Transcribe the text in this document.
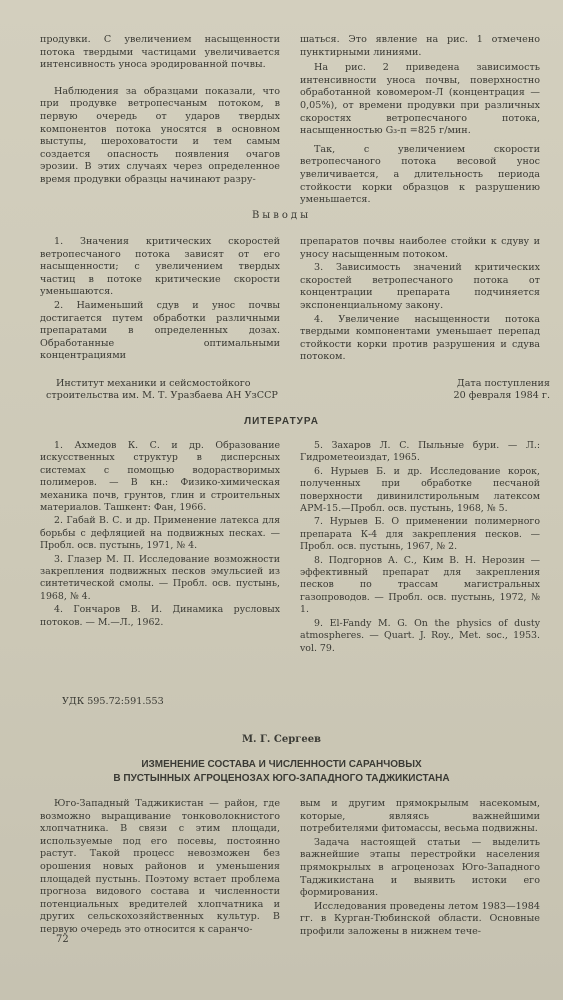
продувки. С увеличением насыщенности потока твердыми частицами увеличивается интенсивность уноса эродированной почвы.

Наблюдения за образцами показали, что при продувке ветропесчаным потоком, в первую очередь от ударов твердых компонентов потока уносятся в основном выступы, шероховатости и тем самым создается опасность появления очагов эрозии. В этих случаях через определенное время продувки образцы начинают разру-

шаться. Это явление на рис. 1 отмечено пунктирными линиями.

На рис. 2 приведена зависимость интенсивности уноса почвы, поверхностно обработанной ковомером-Л (концентрация — 0,05%), от времени продувки при различных скоростях ветропесчаного потока, насыщенностью G₃-п =825 г/мин.

Так, с увеличением скорости ветропесчаного потока весовой унос увеличивается, а длительность периода стойкости корки образцов к разрушению уменьшается.

Выводы

1. Значения критических скоростей ветропесчаного потока зависят от его насыщенности; с увеличением твердых частиц в потоке критические скорости уменьшаются.

2. Наименьший сдув и унос почвы достигается путем обработки различными препаратами в определенных дозах. Обработанные оптимальными концентрациями

препаратов почвы наиболее стойки к сдуву и уносу насыщенным потоком.

3. Зависимость значений критических скоростей ветропесчаного потока от концентрации препарата подчиняется экспоненциальному закону.

4. Увеличение насыщенности потока твердыми компонентами уменьшает перепад стойкости корки против разрушения и сдува потоком.

Институт механики и сейсмостойкого
строительства им. М. Т. Уразбаева АН УзССР
Дата поступления
20 февраля 1984 г.
ЛИТЕРАТУРА

1. Ахмедов К. С. и др. Образование искусственных структур в дисперсных системах с помощью водорастворимых полимеров. — В кн.: Физико-химическая механика почв, грунтов, глин и строительных материалов. Ташкент: Фан, 1966.

2. Габай В. С. и др. Применение латекса для борьбы с дефляцией на подвижных песках. — Пробл. осв. пустынь, 1971, № 4.

3. Глазер М. П. Исследование возможности закрепления подвижных песков эмульсией из синтетической смолы. — Пробл. осв. пустынь, 1968, № 4.

4. Гончаров В. И. Динамика русловых потоков. — М.—Л., 1962.

5. Захаров Л. С. Пыльные бури. — Л.: Гидрометеоиздат, 1965.

6. Нурыев Б. и др. Исследование корок, полученных при обработке песчаной поверхности дивинилстирольным латексом АРМ-15.—Пробл. осв. пустынь, 1968, № 5.

7. Нурыев Б. О применении полимерного препарата К-4 для закрепления песков. — Пробл. осв. пустынь, 1967, № 2.

8. Подгорнов А. С., Ким В. Н. Нерозин — эффективный препарат для закрепления песков по трассам магистральных газопроводов. — Пробл. осв. пустынь, 1972, № 1.

9. El-Fandy M. G. On the physics of dusty atmospheres. — Quart. J. Roy., Met. soc., 1953. vol. 79.

УДК 595.72:591.553
М. Г. Сергеев
ИЗМЕНЕНИЕ СОСТАВА И ЧИСЛЕННОСТИ САРАНЧОВЫХ
В ПУСТЫННЫХ АГРОЦЕНОЗАХ ЮГО-ЗАПАДНОГО ТАДЖИКИСТАНА

Юго-Западный Таджикистан — район, где возможно выращивание тонковолокнистого хлопчатника. В связи с этим площади, используемые под его посевы, постоянно растут. Такой процесс невозможен без орошения новых районов и уменьшения площадей пустынь. Поэтому встает проблема прогноза видового состава и численности потенциальных вредителей хлопчатника и других сельскохозяйственных культур. В первую очередь это относится к саранчо-

вым и другим прямокрылым насекомым, которые, являясь важнейшими потребителями фитомассы, весьма подвижны.

Задача настоящей статьи — выделить важнейшие этапы перестройки населения прямокрылых в агроценозах Юго-Западного Таджикистана и выявить истоки его формирования.

Исследования проведены летом 1983—1984 гг. в Курган-Тюбинской области. Основные профили заложены в нижнем тече-

72
